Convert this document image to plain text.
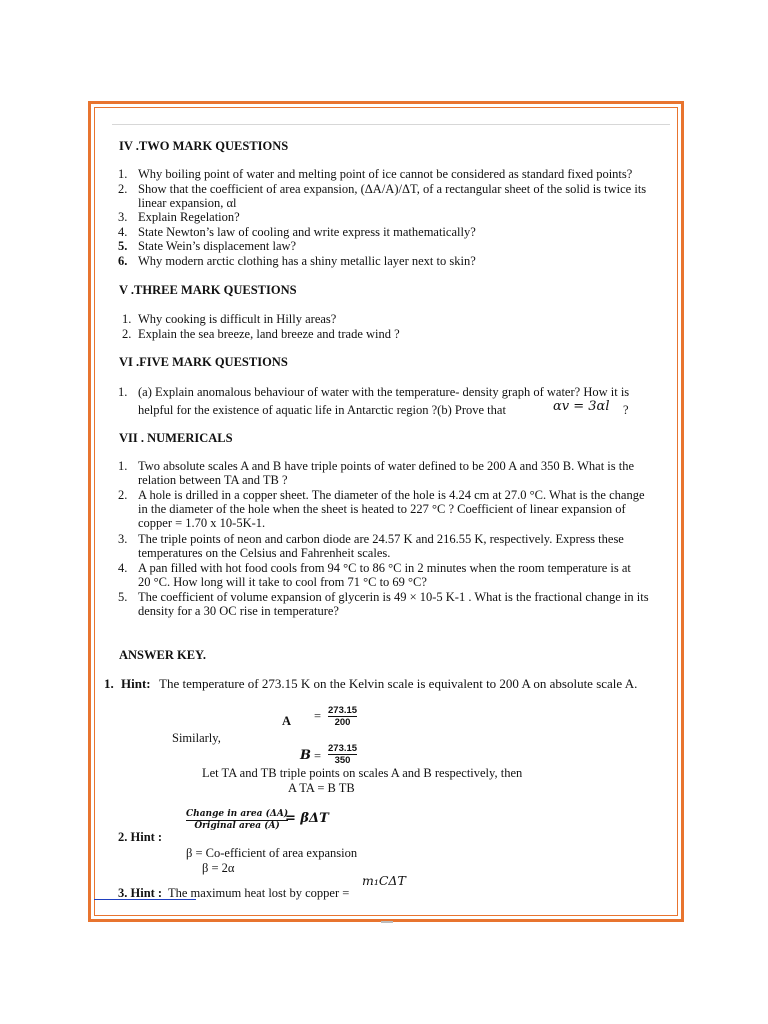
IV .TWO MARK QUESTIONS
1. Why boiling point of water and melting point of ice cannot be considered as standard fixed points?
2. Show that the coefficient of area expansion, (ΔA/A)/ΔT, of a rectangular sheet of the solid is twice its
linear expansion, αl
3. Explain Regelation?
4. State Newton’s law of cooling and write express it mathematically?
5. State Wein’s displacement law?
6. Why modern arctic clothing has a shiny metallic layer next to skin?
V .THREE MARK QUESTIONS
1. Why cooking is difficult in Hilly areas?
2. Explain the sea breeze, land breeze and trade wind ?
VI .FIVE MARK QUESTIONS
1. (a) Explain anomalous behaviour of water with the temperature- density graph of water? How it is
helpful for the existence of aquatic life in Antarctic region ?(b) Prove that	αv = 3αl ?
VII . NUMERICALS
1. Two absolute scales A and B have triple points of water defined to be 200 A and 350 B. What is the
relation between TA and TB ?
2. A hole is drilled in a copper sheet. The diameter of the hole is 4.24 cm at 27.0 °C. What is the change
in the diameter of the hole when the sheet is heated to 227 °C ? Coefficient of linear expansion of
copper = 1.70 x 10-5K-1.
3. The triple points of neon and carbon diode are 24.57 K and 216.55 K, respectively. Express these
temperatures on the Celsius and Fahrenheit scales.
4. A pan filled with hot food cools from 94 °C to 86 °C in 2 minutes when the room temperature is at
20 °C. How long will it take to cool from 71 °C to 69 °C?
5. The coefficient of volume expansion of glycerin is 49 × 10-5 K-1 . What is the fractional change in its
density for a 30 OC rise in temperature?
ANSWER KEY.
1. Hint: The temperature of 273.15 K on the Kelvin scale is equivalent to 200 A on absolute scale A.
A = 273.15
200
Similarly,
B =
273.15
350
Let TA and TB triple points on scales A and B respectively, then
A TA = B TB
Change in area (ΔA)
Original area (A) = βΔT
2. Hint :
β = Co-efficient of area expansion
β = 2α
m₁CΔT
3. Hint : The maximum heat lost by copper =
